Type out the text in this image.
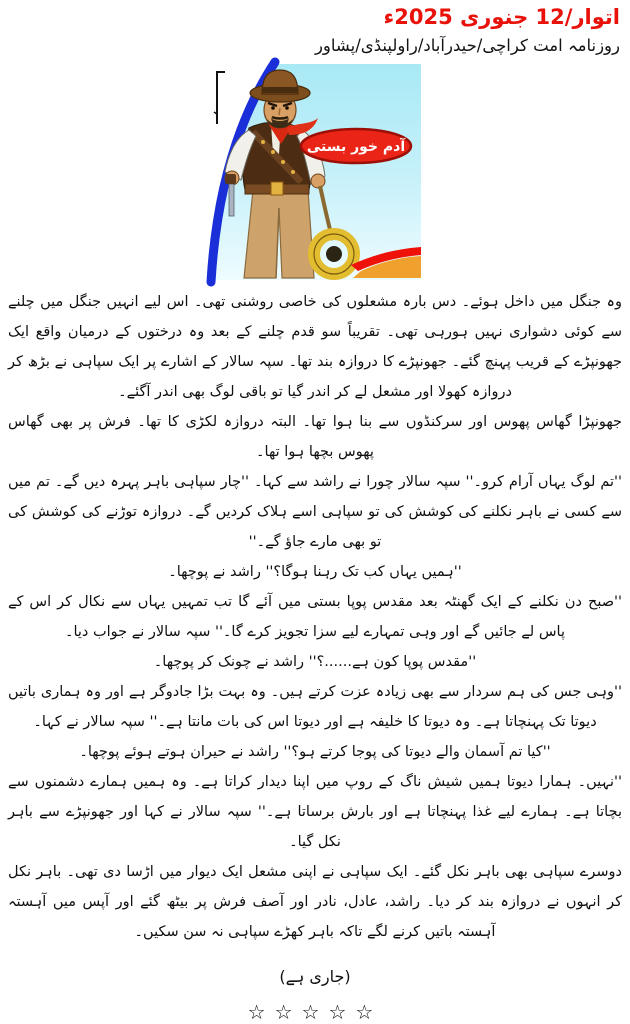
اتوار/12 جنوری 2025ء
روزنامہ امت کراچی/حیدرآباد/راولپنڈی/پشاور
آدم خور بستی

وہ جنگل میں داخل ہوئے۔ دس بارہ مشعلوں کی خاصی روشنی تھی۔ اس لیے انہیں جنگل میں چلنے سے کوئی دشواری نہیں ہورہی تھی۔ تقریباً سو قدم چلنے کے بعد وہ درختوں کے درمیان واقع ایک جھونپڑے کے قریب پہنچ گئے۔ جھونپڑے کا دروازہ بند تھا۔ سپہ سالار کے اشارے پر ایک سپاہی نے بڑھ کر دروازہ کھولا اور مشعل لے کر اندر گیا تو باقی لوگ بھی اندر آگئے۔

جھونپڑا گھاس پھوس اور سرکنڈوں سے بنا ہوا تھا۔ البتہ دروازہ لکڑی کا تھا۔ فرش پر بھی گھاس پھوس بچھا ہوا تھا۔

''تم لوگ یہاں آرام کرو۔'' سپہ سالار چورا نے راشد سے کہا۔ ''چار سپاہی باہر پہرہ دیں گے۔ تم میں سے کسی نے باہر نکلنے کی کوشش کی تو سپاہی اسے ہلاک کردیں گے۔ دروازہ توڑنے کی کوشش کی تو بھی مارے جاؤ گے۔''

''ہمیں یہاں کب تک رہنا ہوگا؟'' راشد نے پوچھا۔

''صبح دن نکلنے کے ایک گھنٹہ بعد مقدس پوپا بستی میں آئے گا تب تمہیں یہاں سے نکال کر اس کے پاس لے جائیں گے اور وہی تمہارے لیے سزا تجویز کرے گا۔'' سپہ سالار نے جواب دیا۔

''مقدس پوپا کون ہے......؟'' راشد نے چونک کر پوچھا۔

''وہی جس کی ہم سردار سے بھی زیادہ عزت کرتے ہیں۔ وہ بہت بڑا جادوگر ہے اور وہ ہماری باتیں دیوتا تک پہنچاتا ہے۔ وہ دیوتا کا خلیفہ ہے اور دیوتا اس کی بات مانتا ہے۔'' سپہ سالار نے کہا۔

''کیا تم آسمان والے دیوتا کی پوجا کرتے ہو؟'' راشد نے حیران ہوتے ہوئے پوچھا۔

''نہیں۔ ہمارا دیوتا ہمیں شیش ناگ کے روپ میں اپنا دیدار کراتا ہے۔ وہ ہمیں ہمارے دشمنوں سے بچاتا ہے۔ ہمارے لیے غذا پہنچاتا ہے اور بارش برساتا ہے۔'' سپہ سالار نے کہا اور جھونپڑے سے باہر نکل گیا۔

دوسرے سپاہی بھی باہر نکل گئے۔ ایک سپاہی نے اپنی مشعل ایک دیوار میں اڑسا دی تھی۔ باہر نکل کر انہوں نے دروازہ بند کر دیا۔ راشد، عادل، نادر اور آصف فرش پر بیٹھ گئے اور آپس میں آہستہ آہستہ باتیں کرنے لگے تاکہ باہر کھڑے سپاہی نہ سن سکیں۔

(جاری ہے)
☆☆☆☆☆
